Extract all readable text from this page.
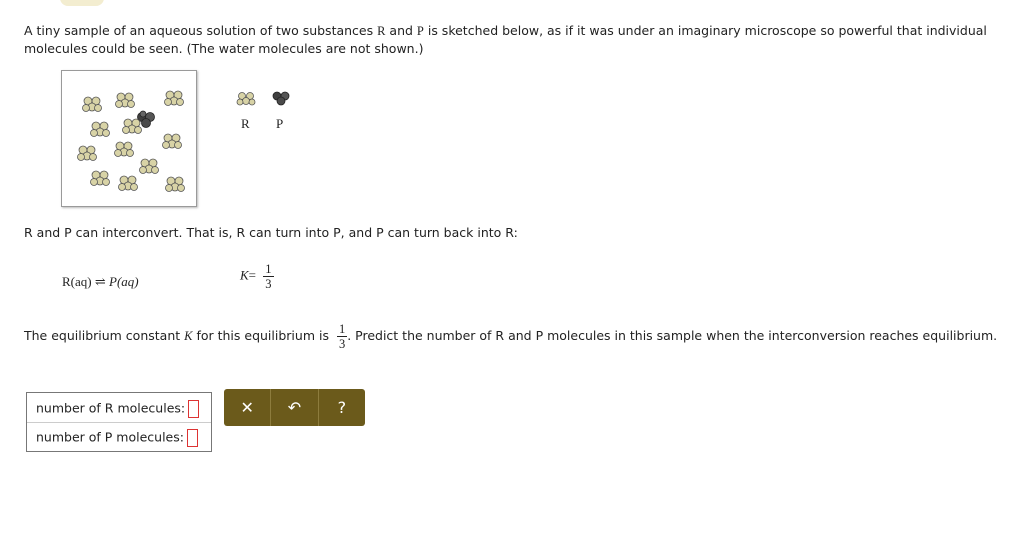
A tiny sample of an aqueous solution of two substances R and P is sketched below, as if it was under an imaginary microscope so powerful that individual
molecules could be seen. (The water molecules are not shown.)
R P
R and P can interconvert. That is, R can turn into P, and P can turn back into R:
R(aq) ⇌ P(aq)	$K= \frac{1}{3}$
The equilibrium constant K for this equilibrium is $\frac{1}{3}$ . Predict the number of R and P molecules in this sample when the interconversion reaches equilibrium.
number of R molecules:
number of P molecules:
✕ ↶ ?
